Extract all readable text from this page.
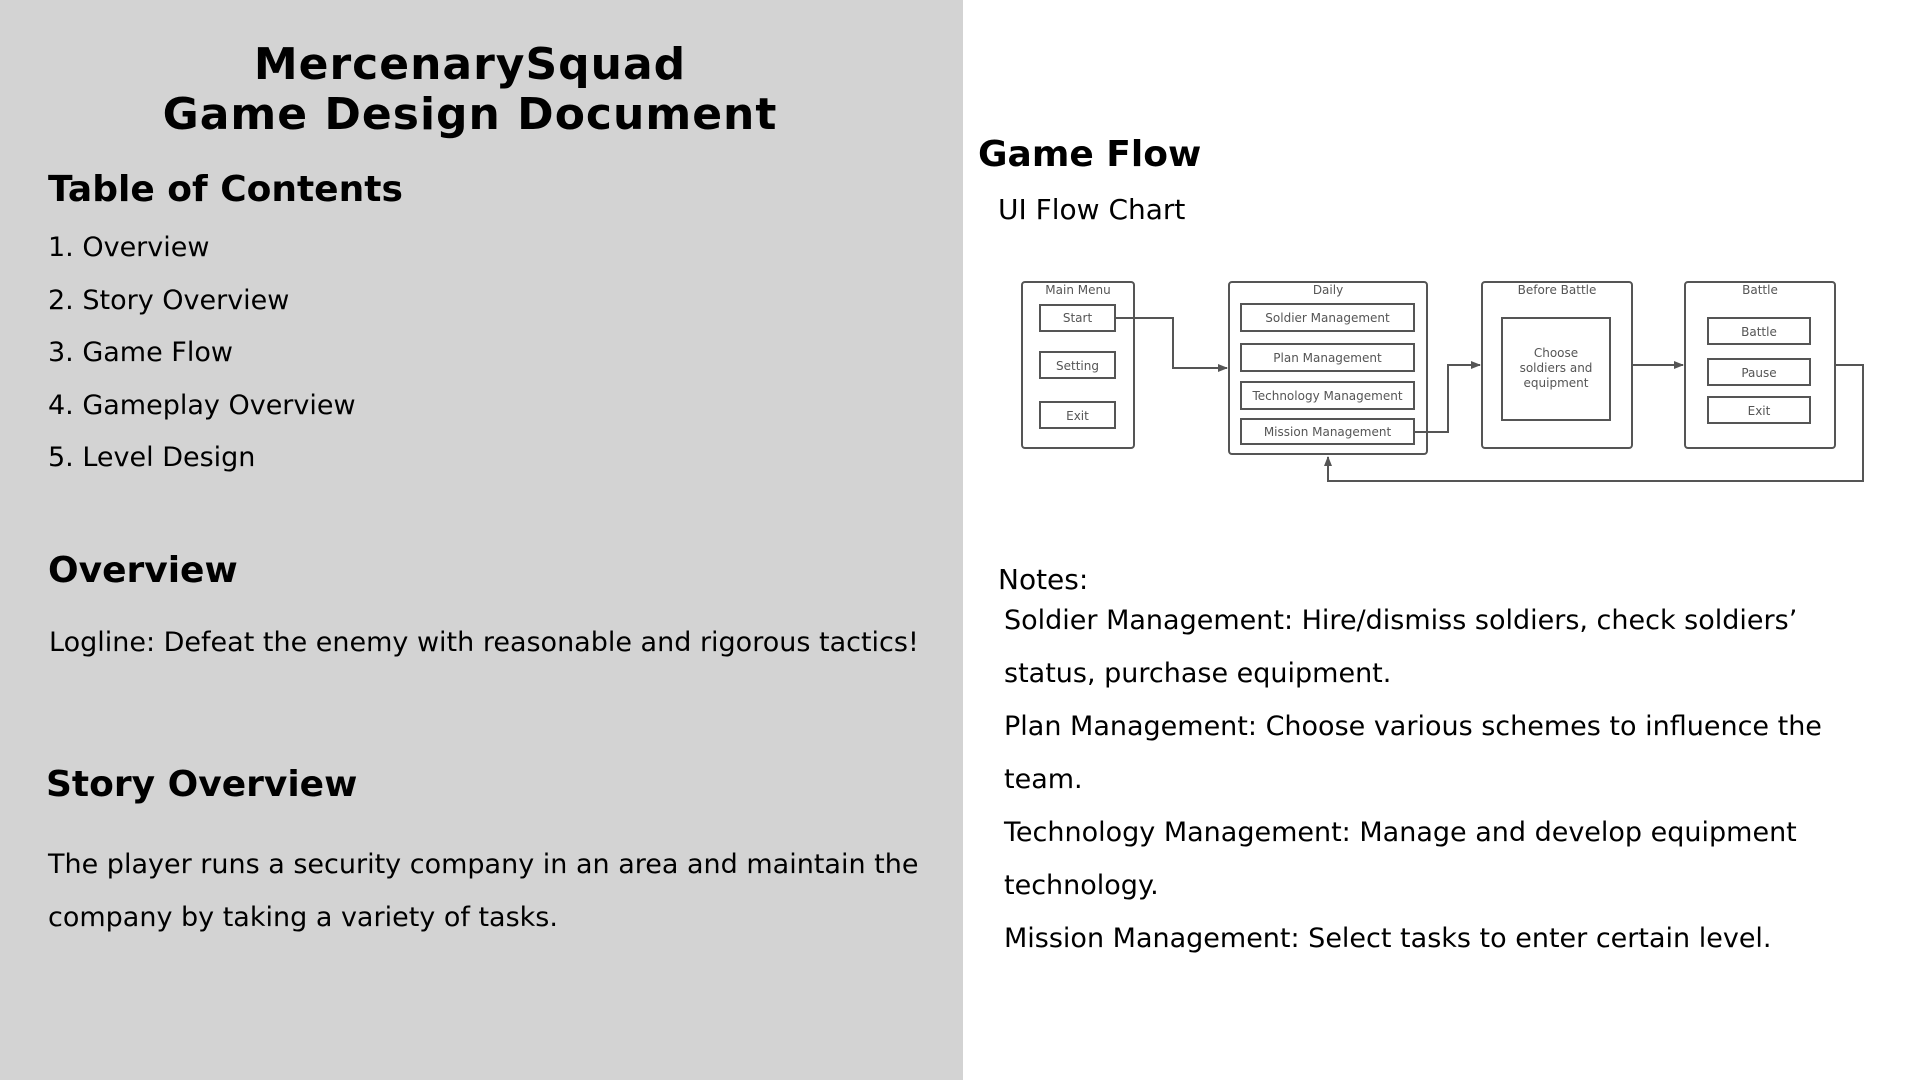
MercenarySquad
Game Design Document
Table of Contents
1. Overview
2. Story Overview
3. Game Flow
4. Gameplay Overview
5. Level Design
Overview
Logline: Defeat the enemy with reasonable and rigorous tactics!
Story Overview
The player runs a security company in an area and maintain the
company by taking a variety of tasks.
Game Flow
UI Flow Chart
Main Menu
Start
Setting
Exit
Daily
Soldier Management
Plan Management
Technology Management
Mission Management
Before Battle
Choose
soldiers and
equipment
Battle
Battle
Pause
Exit
Notes:
Soldier Management: Hire/dismiss soldiers, check soldiers’
status, purchase equipment.
Plan Management: Choose various schemes to influence the
team.
Technology Management: Manage and develop equipment
technology.
Mission Management: Select tasks to enter certain level.
